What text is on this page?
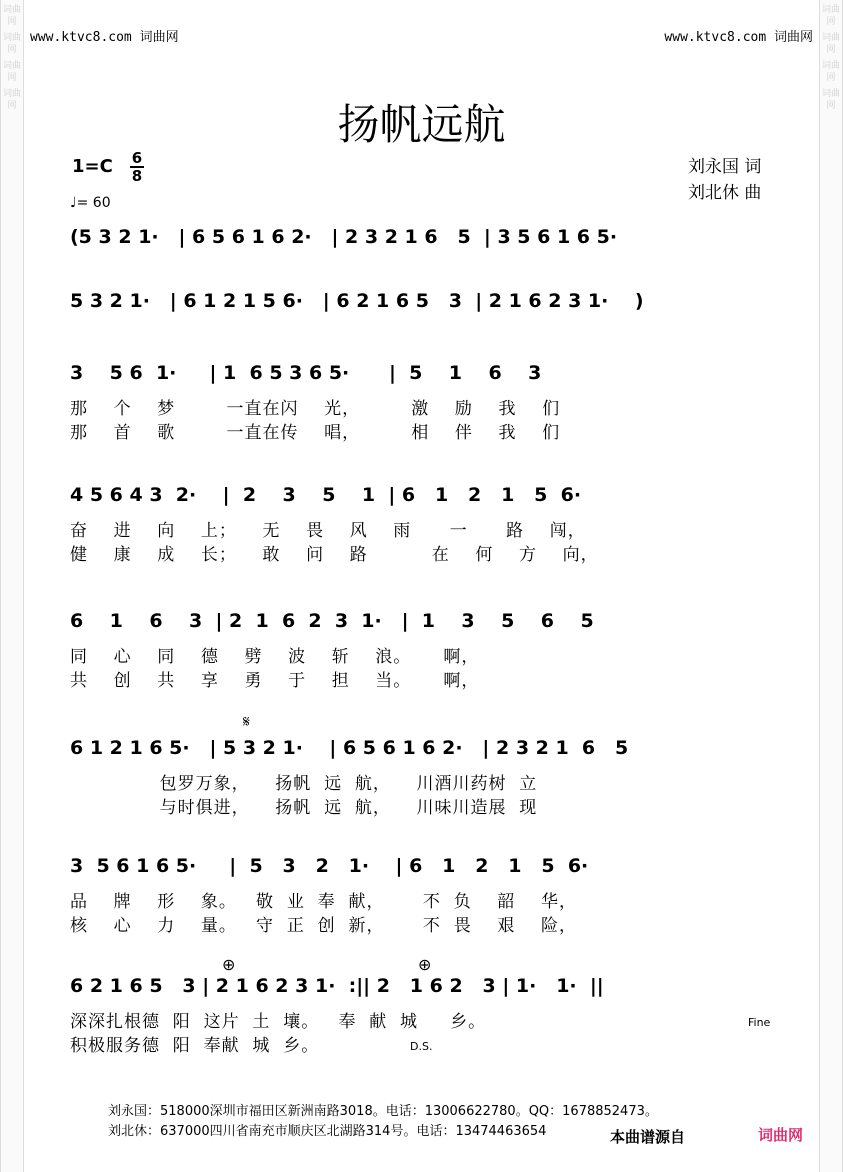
词曲网
词曲网
词曲网
词曲网
词曲网
词曲网
词曲网
词曲网
www.ktvc8.com 词曲网	www.ktvc8.com 词曲网
扬帆远航
1=C 6
8
♩= 60
刘永国 词
刘北休 曲
(5 3 2 1·   | 6 5 6 1 6 2·   | 2 3 2 1 6   5  | 3 5 6 1 6 5·
5 3 2 1·   | 6 1 2 1 5 6·   | 6 2 1 6 5   3  | 2 1 6 2 3 1·    )
3    5 6  1·     | 1  6 5 3 6 5·      |  5    1    6    3
那    个    梦        一直在闪    光，        激    励    我    们
那    首    歌        一直在传    唱，        相    伴    我    们
4 5 6 4 3  2·    |  2    3    5    1  | 6   1   2   1   5  6·
奋    进    向    上；    无    畏    风    雨      一      路    闯，
健    康    成    长；    敢    问    路          在    何    方    向，
6    1    6    3  | 2  1  6  2  3  1·   |  1    3    5    6    5
同    心    同    德    劈    波    斩    浪。     啊，
共    创    共    享    勇    于    担    当。     啊，
6 1 2 1 6 5·   | 5 3 2 1·    | 6 5 6 1 6 2·   | 2 3 2 1  6   5
包罗万象，    扬帆  远  航，    川酒川药树  立
与时俱进，    扬帆  远  航，    川味川造展  现
3  5 6 1 6 5·     |  5   3   2   1·    | 6   1   2   1   5  6·
品    牌    形    象。   敬  业  奉  献，      不  负    韶    华，
核    心    力    量。   守  正  创  新，      不  畏    艰    险，
6 2 1 6 5   3 | 2 1 6 2 3 1·  :|| 2   1 6 2   3 | 1·   1·  ||
深深扎根德  阳  这片  土  壤。   奉  献  城     乡。
积极服务德  阳  奉献  城  乡。
𝄋
⊕	⊕
D.S.
Fine
刘永国：518000深圳市福田区新洲南路3018。电话：13006622780。QQ：1678852473。
刘北休：637000四川省南充市顺庆区北湖路314号。电话：13474463654	本曲谱源自	词曲网
